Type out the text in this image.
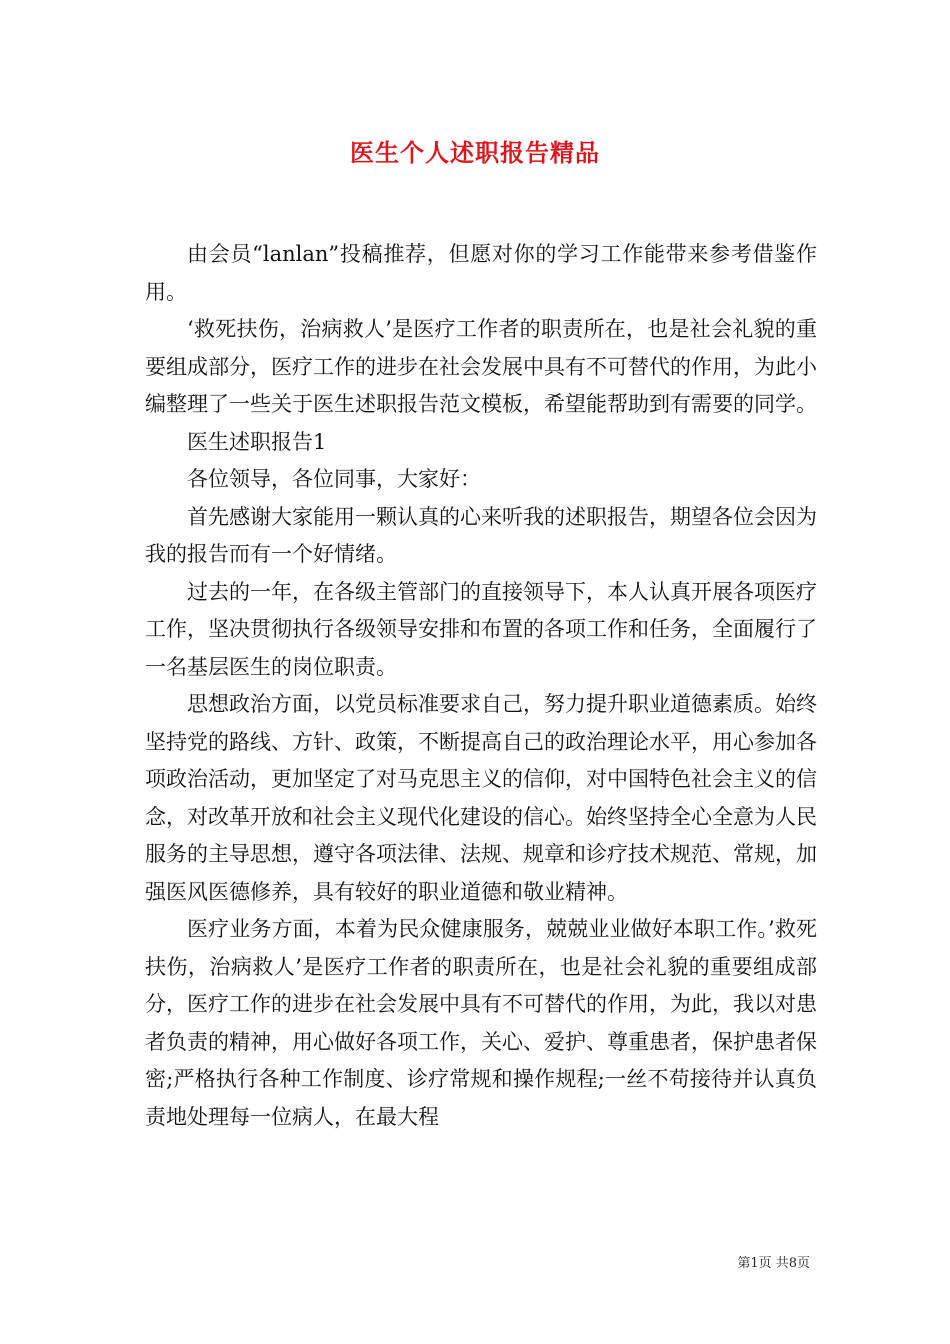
医生个人述职报告精品

由会员“lanlan”投稿推荐，但愿对你的学习工作能带来参考借鉴作用。

‘救死扶伤，治病救人’是医疗工作者的职责所在，也是社会礼貌的重要组成部分，医疗工作的进步在社会发展中具有不可替代的作用，为此小编整理了一些关于医生述职报告范文模板，希望能帮助到有需要的同学。

医生述职报告1

各位领导，各位同事，大家好：

首先感谢大家能用一颗认真的心来听我的述职报告，期望各位会因为我的报告而有一个好情绪。

过去的一年，在各级主管部门的直接领导下，本人认真开展各项医疗工作，坚决贯彻执行各级领导安排和布置的各项工作和任务，全面履行了一名基层医生的岗位职责。

思想政治方面，以党员标准要求自己，努力提升职业道德素质。始终坚持党的路线、方针、政策，不断提高自己的政治理论水平，用心参加各项政治活动，更加坚定了对马克思主义的信仰，对中国特色社会主义的信念，对改革开放和社会主义现代化建设的信心。始终坚持全心全意为人民服务的主导思想，遵守各项法律、法规、规章和诊疗技术规范、常规，加强医风医德修养，具有较好的职业道德和敬业精神。

医疗业务方面，本着为民众健康服务，兢兢业业做好本职工作。’救死扶伤，治病救人’是医疗工作者的职责所在，也是社会礼貌的重要组成部分，医疗工作的进步在社会发展中具有不可替代的作用，为此，我以对患者负责的精神，用心做好各项工作，关心、爱护、尊重患者，保护患者保密;严格执行各种工作制度、诊疗常规和操作规程;一丝不苟接待并认真负责地处理每一位病人，在最大程

第1页 共8页
